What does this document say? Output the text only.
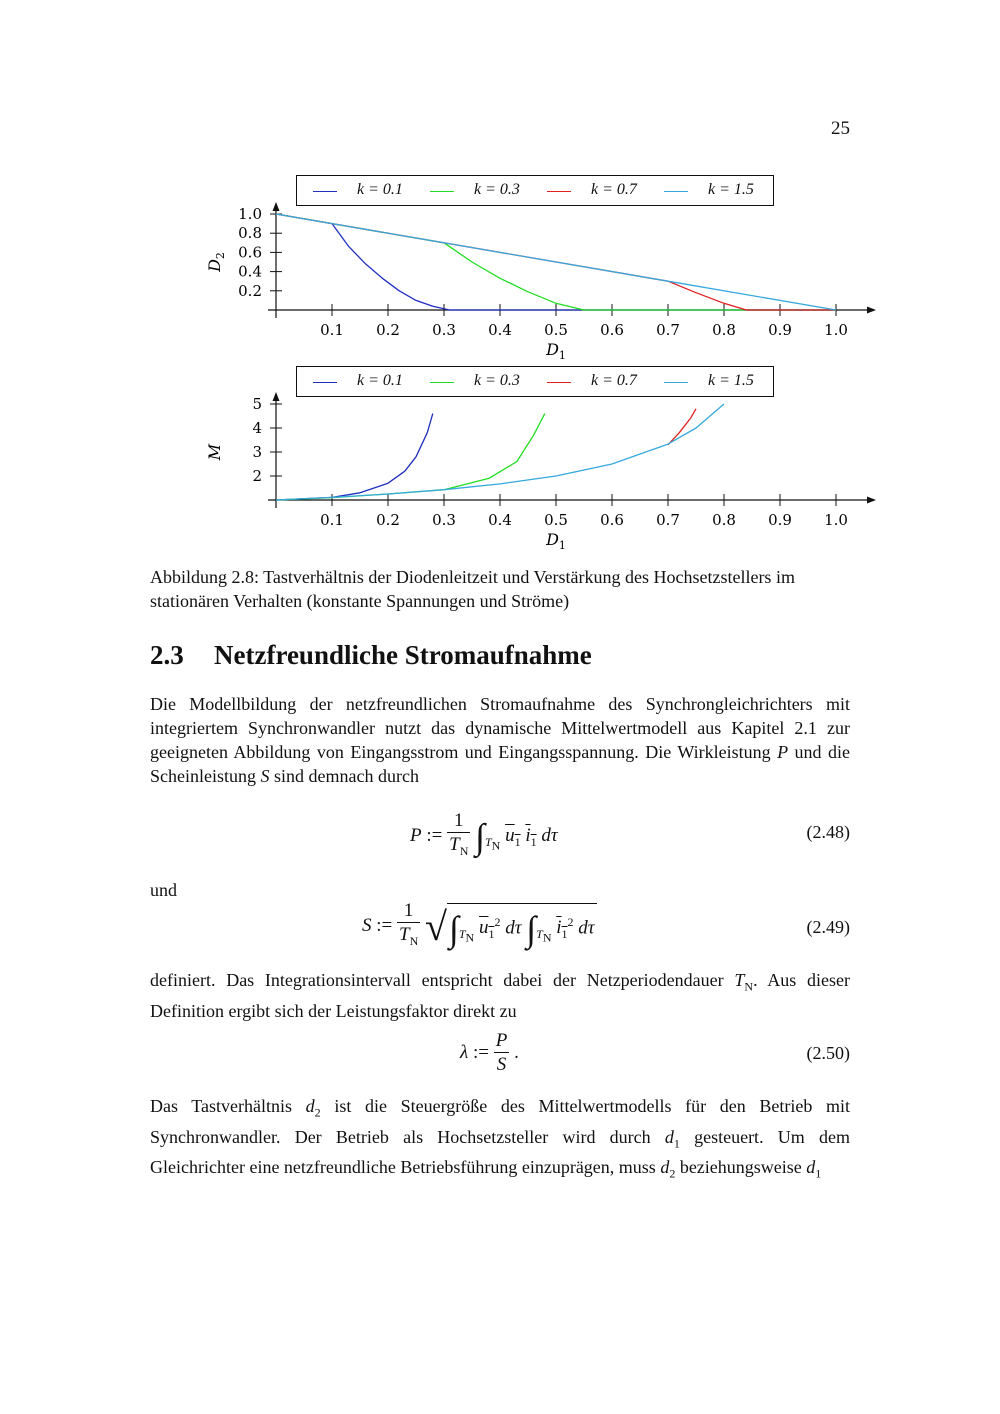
25
0.1 0.2 0.3 0.4 0.5 0.6 0.7 0.8 0.9 1.0
0.2
0.4
0.6
0.8
1.0
$D_1$
$D_2$
0.1 0.2 0.3 0.4 0.5 0.6 0.7 0.8 0.9 1.0
2
3
4
5
$D_1$
M
k = 0.1	k = 0.3	k = 0.7	k = 1.5
k = 0.1	k = 0.3	k = 0.7	k = 1.5
Abbildung 2.8: Tastverhältnis der Diodenleitzeit und Verstärkung des Hochsetzstellers im stationären Verhalten (konstante Spannungen und Ströme)
2.3 Netzfreundliche Stromaufnahme

Die Modellbildung der netzfreundlichen Stromaufnahme des Synchrongleichrichters mit integriertem Synchronwandler nutzt das dynamische Mittelwertmodell aus Kapitel 2.1 zur geeigneten Abbildung von Eingangsstrom und Eingangsspannung. Die Wirkleistung P und die Scheinleistung S sind demnach durch

P := $\frac{1}{T_N} \int_{T_N}$ $u_1$ $i_1$ dτ	(2.48)
und
S := $\frac{1}{T_N} √\int_{T_N}$ $u_1^2$ dτ $\int_{T_N}$ $i_1^2$ dτ	(2.49)

definiert. Das Integrationsintervall entspricht dabei der Netzperiodendauer $T_N$. Aus dieser Definition ergibt sich der Leistungsfaktor direkt zu

λ := $\frac{P}{S}$ .	(2.50)

Das Tastverhältnis $d_2$ ist die Steuergröße des Mittelwertmodells für den Betrieb mit Synchronwandler. Der Betrieb als Hochsetzsteller wird durch $d_1$ gesteuert. Um dem Gleichrichter eine netzfreundliche Betriebsführung einzuprägen, muss $d_2$ beziehungsweise $d_1$
